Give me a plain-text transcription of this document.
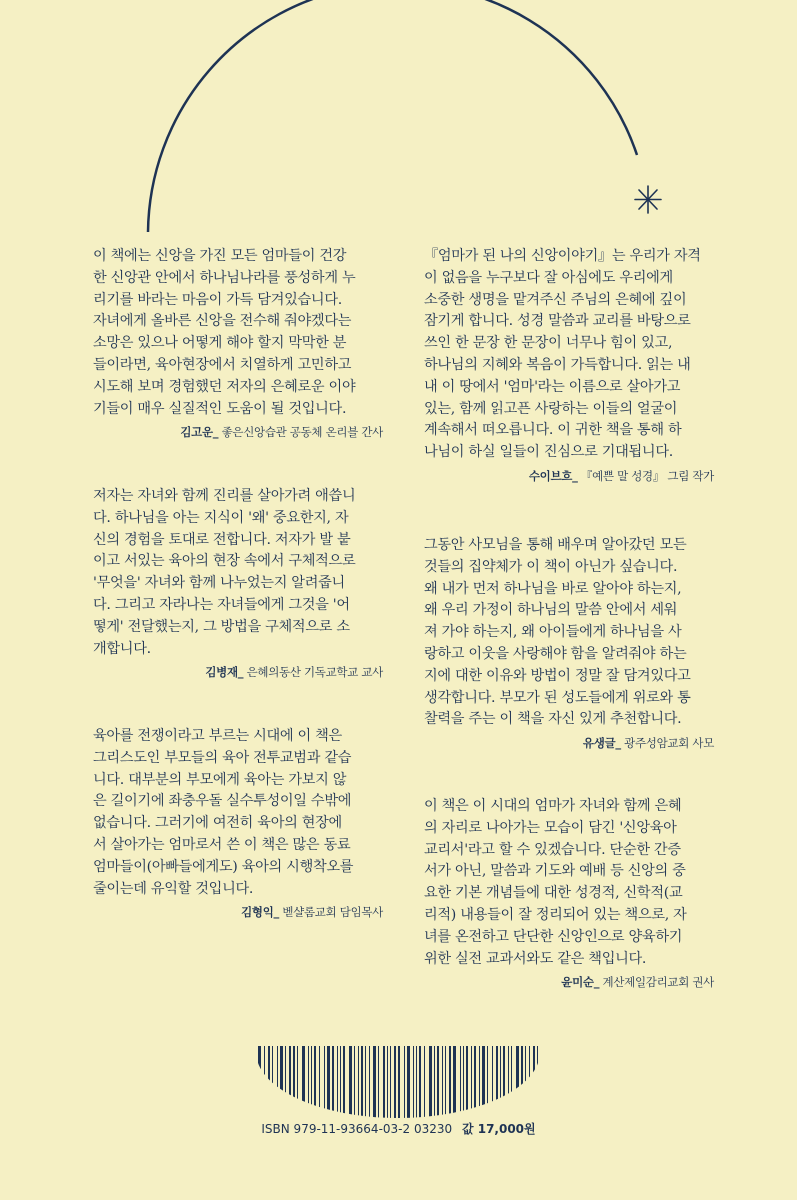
이 책에는 신앙을 가진 모든 엄마들이 건강
한 신앙관 안에서 하나님나라를 풍성하게 누
리기를 바라는 마음이 가득 담겨있습니다.
자녀에게 올바른 신앙을 전수해 줘야겠다는
소망은 있으나 어떻게 해야 할지 막막한 분
들이라면, 육아현장에서 치열하게 고민하고
시도해 보며 경험했던 저자의 은혜로운 이야
기들이 매우 실질적인 도움이 될 것입니다.
김고운_ 좋은신앙습관 공동체 온리블 간사
저자는 자녀와 함께 진리를 살아가려 애씁니
다. 하나님을 아는 지식이 '왜' 중요한지, 자
신의 경험을 토대로 전합니다. 저자가 발 붙
이고 서있는 육아의 현장 속에서 구체적으로
'무엇을' 자녀와 함께 나누었는지 알려줍니
다. 그리고 자라나는 자녀들에게 그것을 '어
떻게' 전달했는지, 그 방법을 구체적으로 소
개합니다.
김병재_ 은혜의동산 기독교학교 교사
육아를 전쟁이라고 부르는 시대에 이 책은
그리스도인 부모들의 육아 전투교범과 같습
니다. 대부분의 부모에게 육아는 가보지 않
은 길이기에 좌충우돌 실수투성이일 수밖에
없습니다. 그러기에 여전히 육아의 현장에
서 살아가는 엄마로서 쓴 이 책은 많은 동료
엄마들이(아빠들에게도) 육아의 시행착오를
줄이는데 유익할 것입니다.
김형익_ 벧샬롬교회 담임목사
『엄마가 된 나의 신앙이야기』는 우리가 자격
이 없음을 누구보다 잘 아심에도 우리에게
소중한 생명을 맡겨주신 주님의 은혜에 깊이
잠기게 합니다. 성경 말씀과 교리를 바탕으로
쓰인 한 문장 한 문장이 너무나 힘이 있고,
하나님의 지혜와 복음이 가득합니다. 읽는 내
내 이 땅에서 '엄마'라는 이름으로 살아가고
있는, 함께 읽고픈 사랑하는 이들의 얼굴이
계속해서 떠오릅니다. 이 귀한 책을 통해 하
나님이 하실 일들이 진심으로 기대됩니다.
수이브흐_ 『예쁜 말 성경』 그림 작가
그동안 사모님을 통해 배우며 알아갔던 모든
것들의 집약체가 이 책이 아닌가 싶습니다.
왜 내가 먼저 하나님을 바로 알아야 하는지,
왜 우리 가정이 하나님의 말씀 안에서 세워
져 가야 하는지, 왜 아이들에게 하나님을 사
랑하고 이웃을 사랑해야 함을 알려줘야 하는
지에 대한 이유와 방법이 정말 잘 담겨있다고
생각합니다. 부모가 된 성도들에게 위로와 통
찰력을 주는 이 책을 자신 있게 추천합니다.
유생글_ 광주성암교회 사모
이 책은 이 시대의 엄마가 자녀와 함께 은혜
의 자리로 나아가는 모습이 담긴 '신앙육아
교리서'라고 할 수 있겠습니다. 단순한 간증
서가 아닌, 말씀과 기도와 예배 등 신앙의 중
요한 기본 개념들에 대한 성경적, 신학적(교
리적) 내용들이 잘 정리되어 있는 책으로, 자
녀를 온전하고 단단한 신앙인으로 양육하기
위한 실전 교과서와도 같은 책입니다.
윤미순_ 계산제일감리교회 권사
ISBN 979-11-93664-03-2 03230 값 17,000원
